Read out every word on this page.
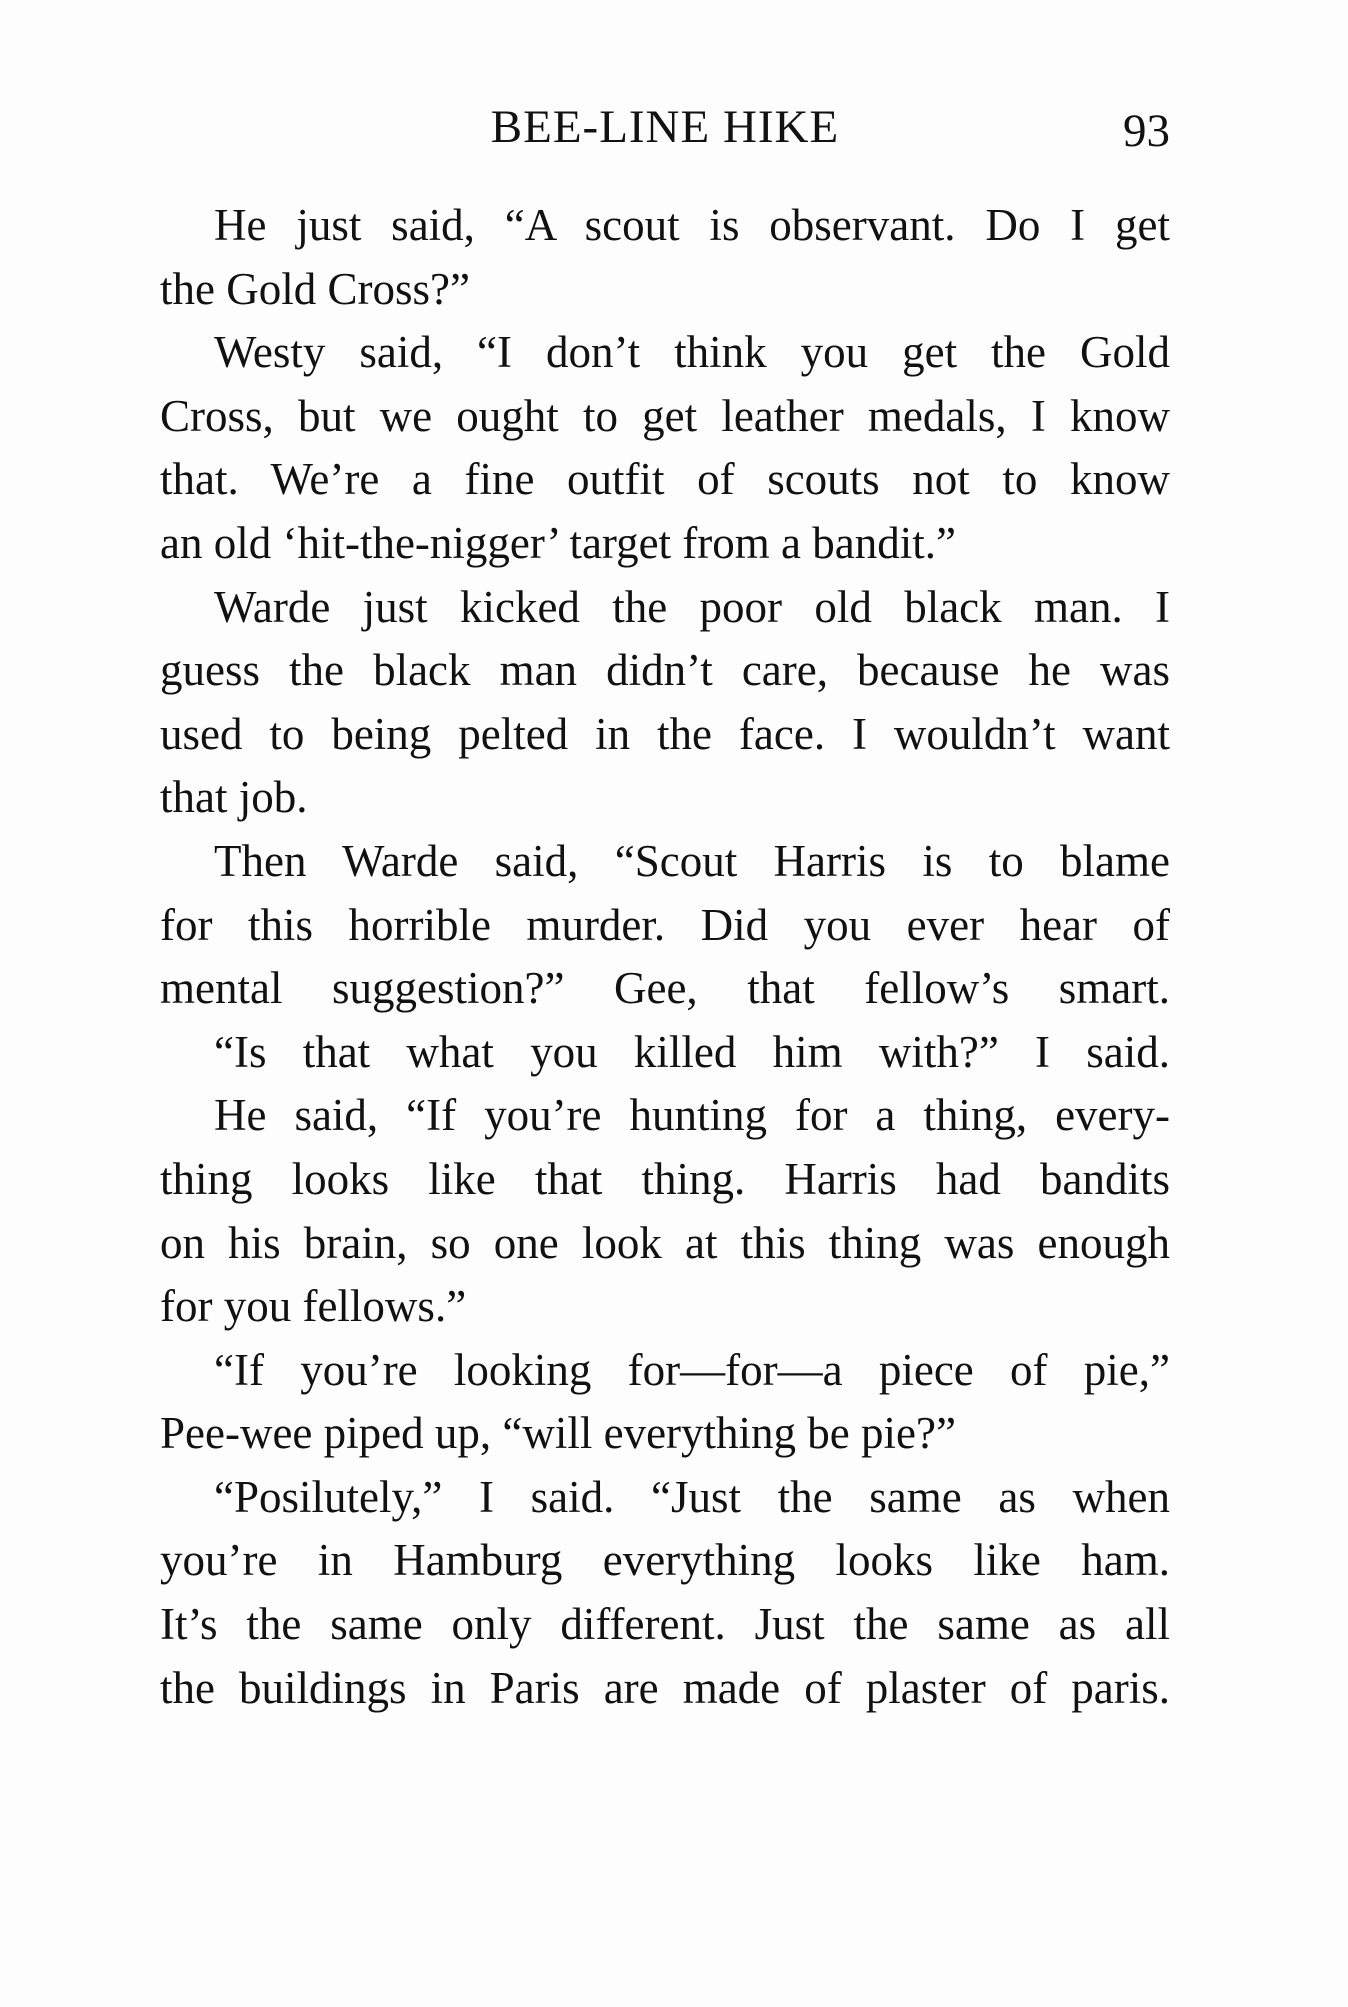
BEE-LINE HIKE	93
He just said, “A scout is observant. Do I get
the Gold Cross?”
Westy said, “I don’t think you get the Gold
Cross, but we ought to get leather medals, I know
that. We’re a fine outfit of scouts not to know
an old ‘hit-the-nigger’ target from a bandit.”
Warde just kicked the poor old black man. I
guess the black man didn’t care, because he was
used to being pelted in the face. I wouldn’t want
that job.
Then Warde said, “Scout Harris is to blame
for this horrible murder. Did you ever hear of
mental suggestion?” Gee, that fellow’s smart.
“Is that what you killed him with?” I said.
He said, “If you’re hunting for a thing, every-
thing looks like that thing. Harris had bandits
on his brain, so one look at this thing was enough
for you fellows.”
“If you’re looking for—for—a piece of pie,”
Pee-wee piped up, “will everything be pie?”
“Posilutely,” I said. “Just the same as when
you’re in Hamburg everything looks like ham.
It’s the same only different. Just the same as all
the buildings in Paris are made of plaster of paris.
